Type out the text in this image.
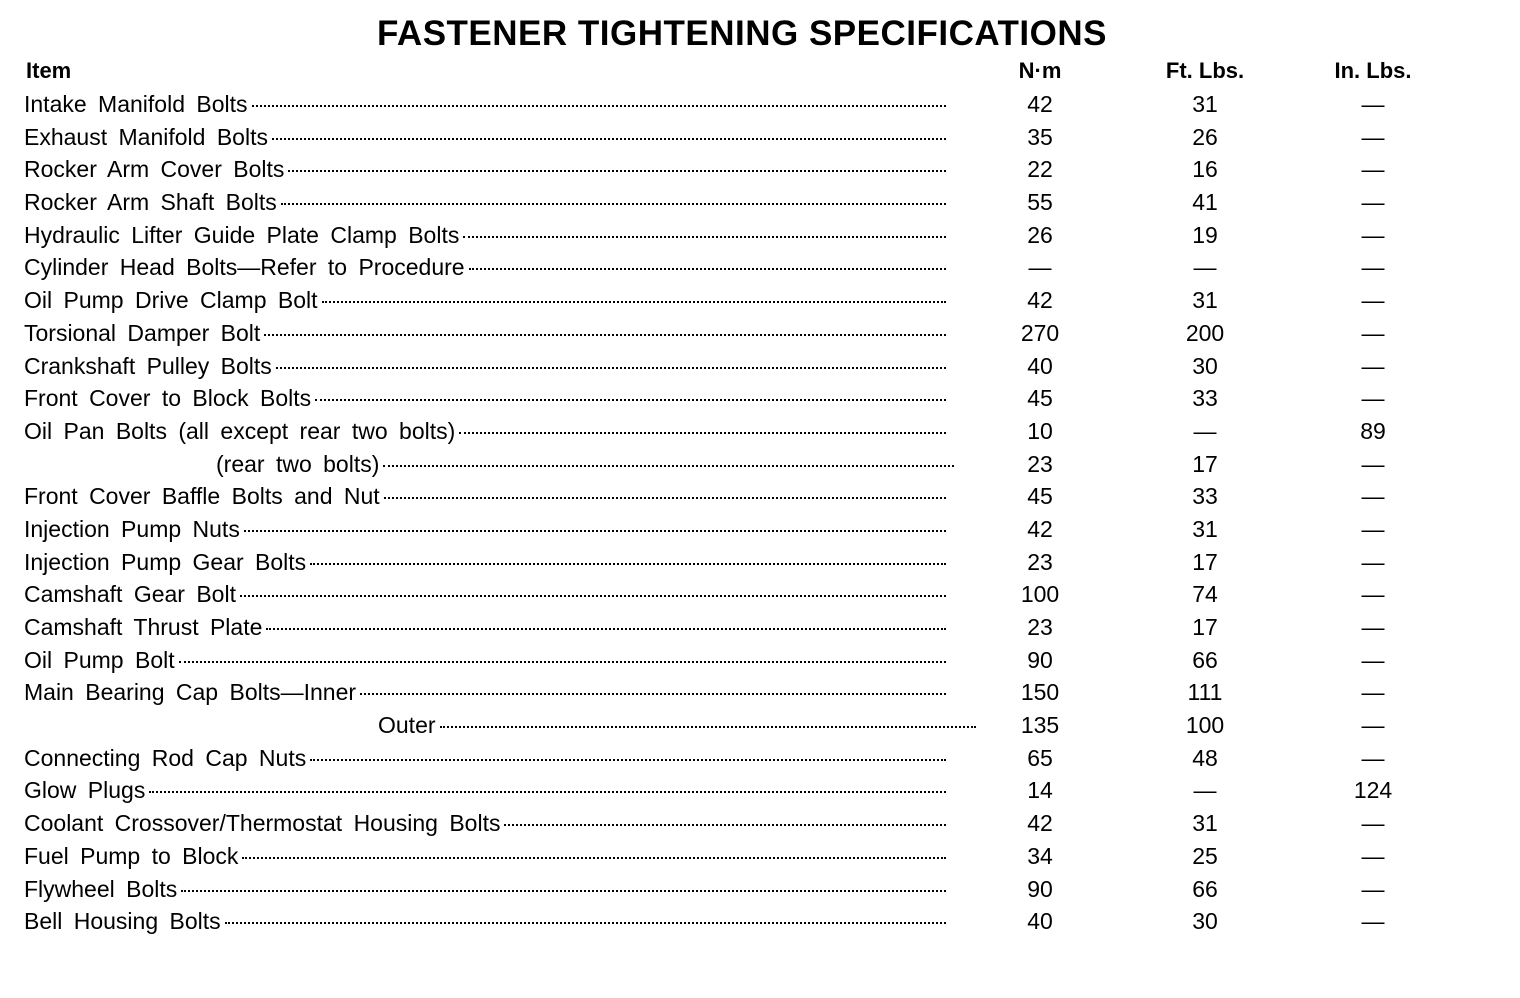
FASTENER TIGHTENING SPECIFICATIONS
Item	N·m	Ft. Lbs.	In. Lbs.
Intake Manifold Bolts	42	31	—
Exhaust Manifold Bolts	35	26	—
Rocker Arm Cover Bolts	22	16	—
Rocker Arm Shaft Bolts	55	41	—
Hydraulic Lifter Guide Plate Clamp Bolts	26	19	—
Cylinder Head Bolts—Refer to Procedure	—	—	—
Oil Pump Drive Clamp Bolt	42	31	—
Torsional Damper Bolt	270	200	—
Crankshaft Pulley Bolts	40	30	—
Front Cover to Block Bolts	45	33	—
Oil Pan Bolts (all except rear two bolts)	10	—	89
(rear two bolts)	23	17	—
Front Cover Baffle Bolts and Nut	45	33	—
Injection Pump Nuts	42	31	—
Injection Pump Gear Bolts	23	17	—
Camshaft Gear Bolt	100	74	—
Camshaft Thrust Plate	23	17	—
Oil Pump Bolt	90	66	—
Main Bearing Cap Bolts—Inner	150	111	—
Outer	135	100	—
Connecting Rod Cap Nuts	65	48	—
Glow Plugs	14	—	124
Coolant Crossover/Thermostat Housing Bolts	42	31	—
Fuel Pump to Block	34	25	—
Flywheel Bolts	90	66	—
Bell Housing Bolts	40	30	—
